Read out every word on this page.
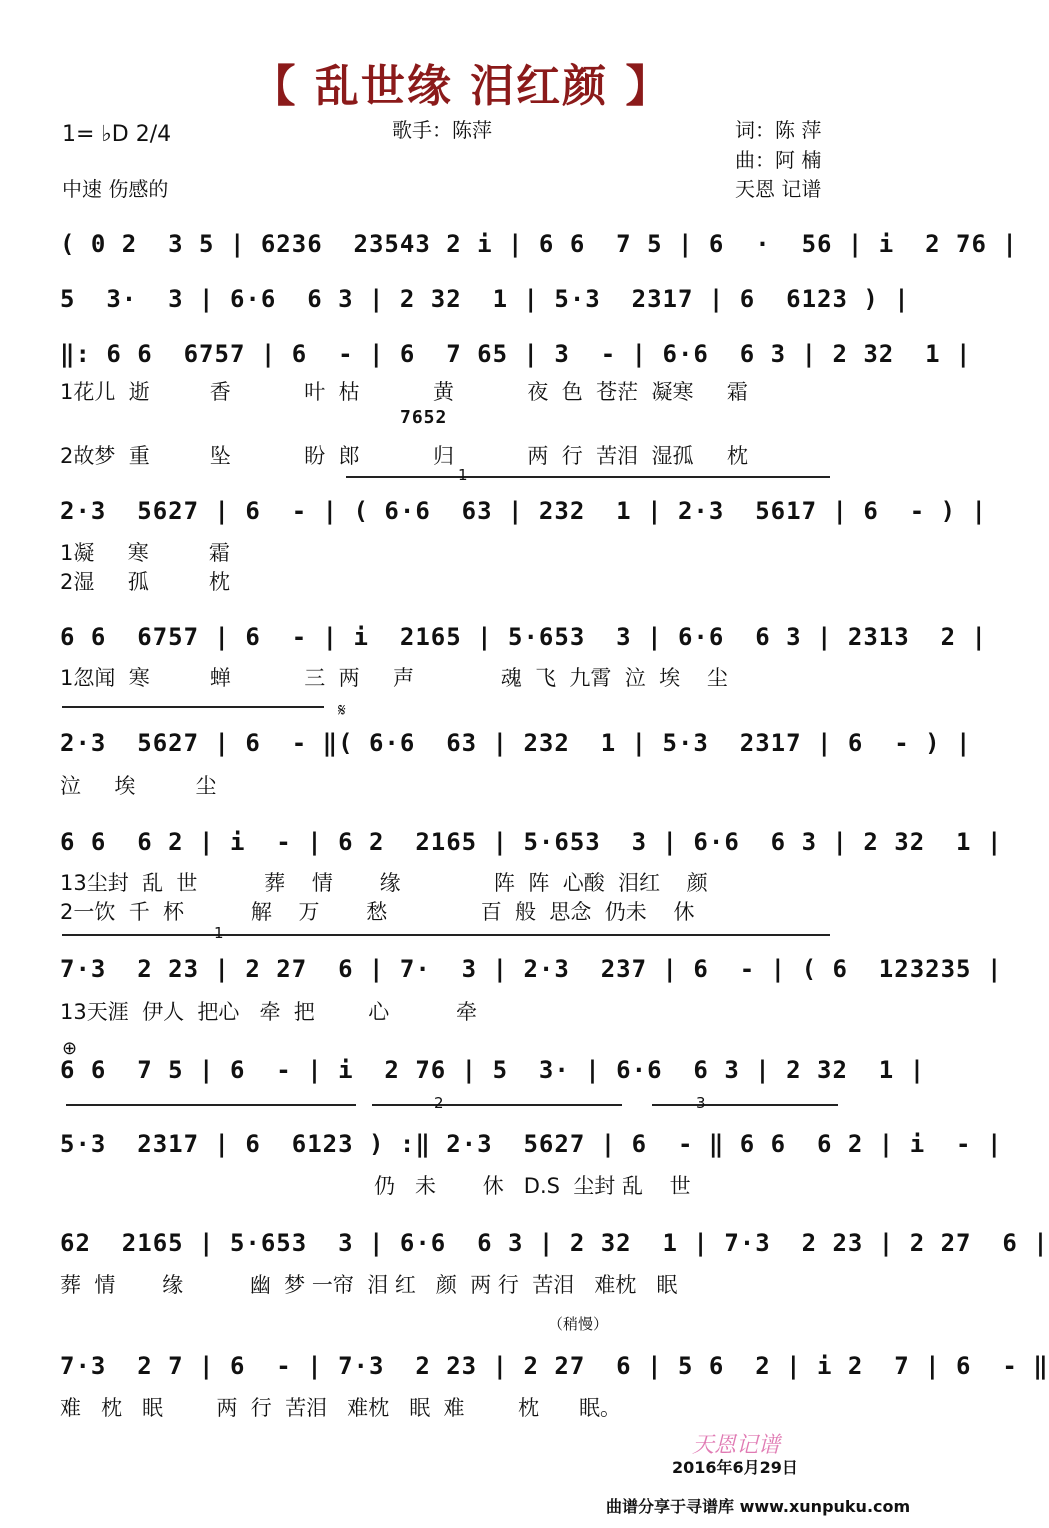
【 乱世缘 泪红颜 】
歌手：陈萍	词：陈 萍
曲：阿 楠
天恩 记谱
1= ♭D 2/4
中速 伤感的
( 0 2  3 5 | 6236  23543 2 i | 6 6  7 5 | 6  ·  56 | i  2 76 |
5  3·  3 | 6·6  6 3 | 2 32  1 | 5·3  2317 | 6  6123 ) |
‖: 6 6  6757 | 6  - | 6  7 65 | 3  - | 6·6  6 3 | 2 32  1 |
1花儿  逝         香           叶  枯           黄           夜  色  苍茫  凝寒     霜
7652
2故梦  重         坠           盼  郎           归           两  行  苦泪  湿孤     枕
1
2·3  5627 | 6  - | ( 6·6  63 | 232  1 | 2·3  5617 | 6  - ) |
1凝     寒         霜
2湿     孤         枕
6 6  6757 | 6  - | i  2165 | 5·653  3 | 6·6  6 3 | 2313  2 |
1忽闻  寒         蝉           三  两     声             魂  飞  九霄  泣  埃    尘
𝄋
2·3  5627 | 6  - ‖( 6·6  63 | 232  1 | 5·3  2317 | 6  - ) |
泣     埃         尘
6 6  6 2 | i  - | 6 2  2165 | 5·653  3 | 6·6  6 3 | 2 32  1 |
13尘封  乱  世          葬    情       缘              阵  阵  心酸  泪红    颜
2一饮  千  杯          解    万       愁              百  般  思念  仍未    休
1
7·3  2 23 | 2 27  6 | 7·  3 | 2·3  237 | 6  - | ( 6  123235 |
13天涯  伊人  把心   牵  把        心          牵
⊕
6 6  7 5 | 6  - | i  2 76 | 5  3· | 6·6  6 3 | 2 32  1 |
2	3
5·3  2317 | 6  6123 ) :‖ 2·3  5627 | 6  - ‖ 6 6  6 2 | i  - |
仍   未       休   D.S  尘封 乱    世
62  2165 | 5·653  3 | 6·6  6 3 | 2 32  1 | 7·3  2 23 | 2 27  6 |
葬  情       缘          幽  梦 一帘  泪 红   颜  两 行  苦泪   难枕   眠
（稍慢）
7·3  2 7 | 6  - | 7·3  2 23 | 2 27  6 | 5 6  2 | i 2  7 | 6  - ‖
难   枕   眠        两  行  苦泪   难枕   眠  难        枕      眠。
天恩记谱
2016年6月29日
曲谱分享于寻谱库 www.xunpuku.com
